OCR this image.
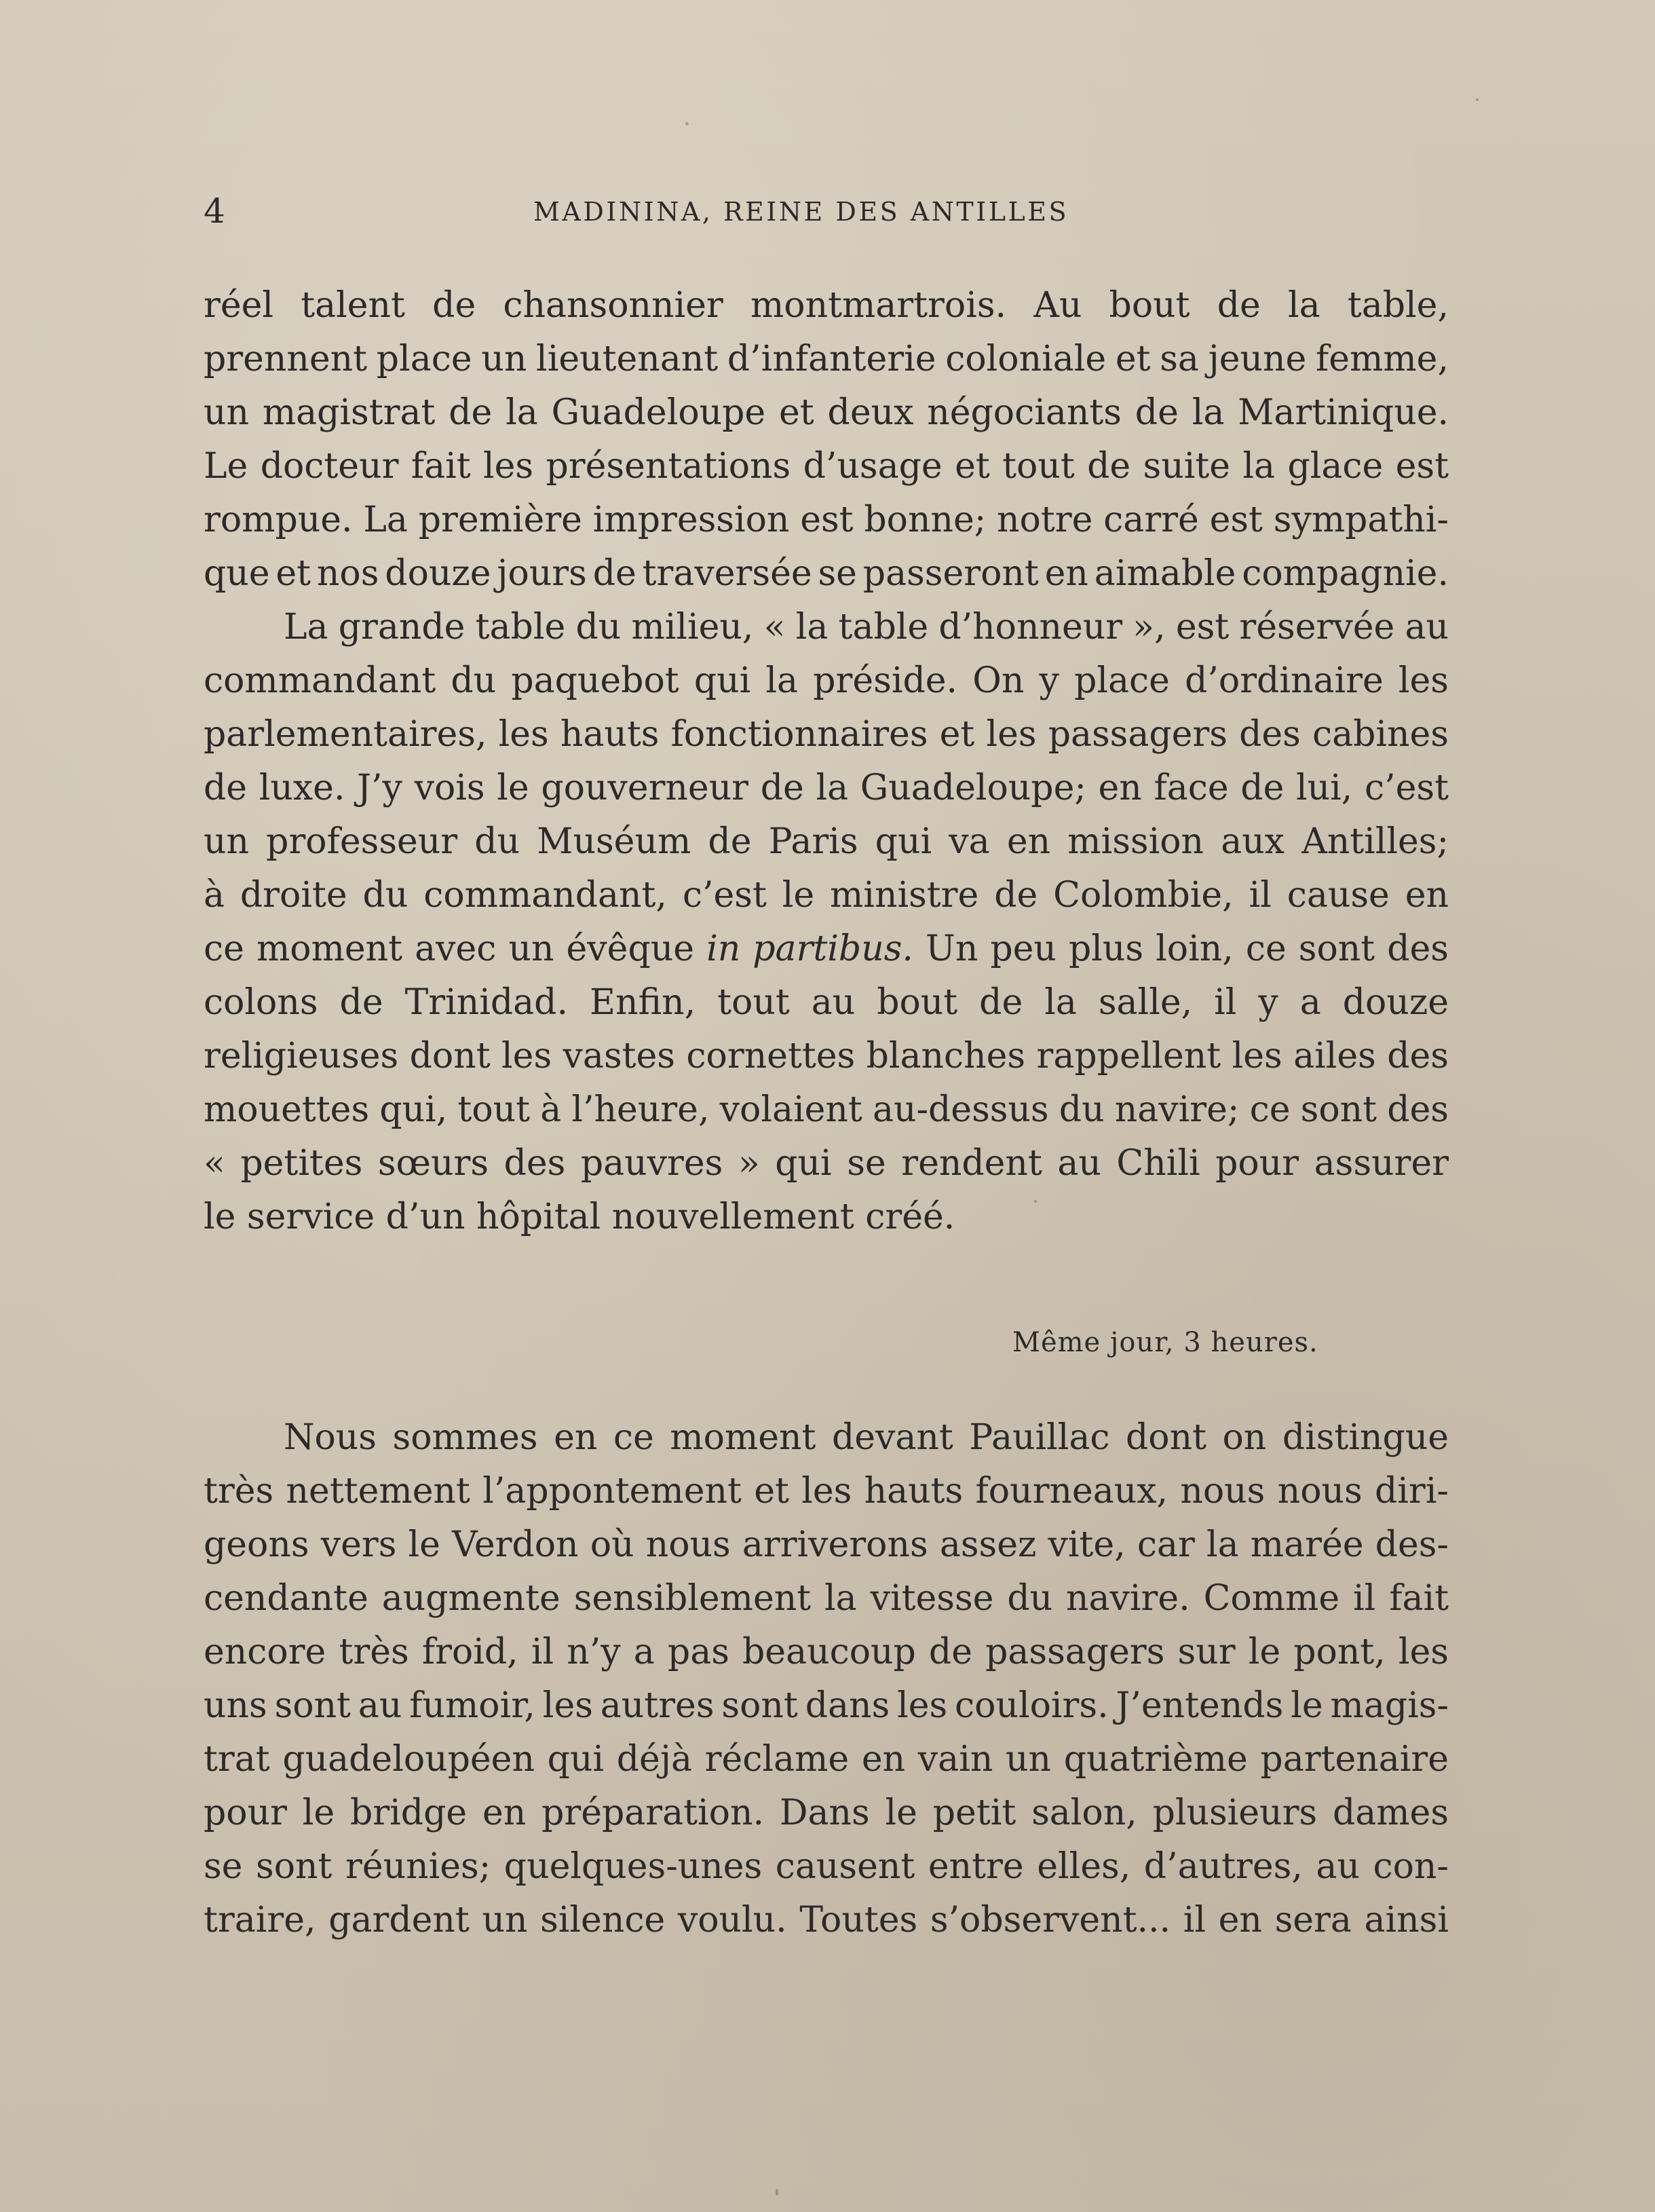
4	MADININA, REINE DES ANTILLES
réel talent de chansonnier montmartrois. Au bout de la table,
prennent place un lieutenant d’infanterie coloniale et sa jeune femme,
un magistrat de la Guadeloupe et deux négociants de la Martinique.
Le docteur fait les présentations d’usage et tout de suite la glace est
rompue. La première impression est bonne; notre carré est sympathi-
que et nos douze jours de traversée se passeront en aimable compagnie.
La grande table du milieu, « la table d’honneur », est réservée au
commandant du paquebot qui la préside. On y place d’ordinaire les
parlementaires, les hauts fonctionnaires et les passagers des cabines
de luxe. J’y vois le gouverneur de la Guadeloupe; en face de lui, c’est
un professeur du Muséum de Paris qui va en mission aux Antilles;
à droite du commandant, c’est le ministre de Colombie, il cause en
ce moment avec un évêque in partibus. Un peu plus loin, ce sont des
colons de Trinidad. Enfin, tout au bout de la salle, il y a douze
religieuses dont les vastes cornettes blanches rappellent les ailes des
mouettes qui, tout à l’heure, volaient au-dessus du navire; ce sont des
« petites sœurs des pauvres » qui se rendent au Chili pour assurer
le service d’un hôpital nouvellement créé.
Même jour, 3 heures.
Nous sommes en ce moment devant Pauillac dont on distingue
très nettement l’appontement et les hauts fourneaux, nous nous diri-
geons vers le Verdon où nous arriverons assez vite, car la marée des-
cendante augmente sensiblement la vitesse du navire. Comme il fait
encore très froid, il n’y a pas beaucoup de passagers sur le pont, les
uns sont au fumoir, les autres sont dans les couloirs. J’entends le magis-
trat guadeloupéen qui déjà réclame en vain un quatrième partenaire
pour le bridge en préparation. Dans le petit salon, plusieurs dames
se sont réunies; quelques-unes causent entre elles, d’autres, au con-
traire, gardent un silence voulu. Toutes s’observent... il en sera ainsi
